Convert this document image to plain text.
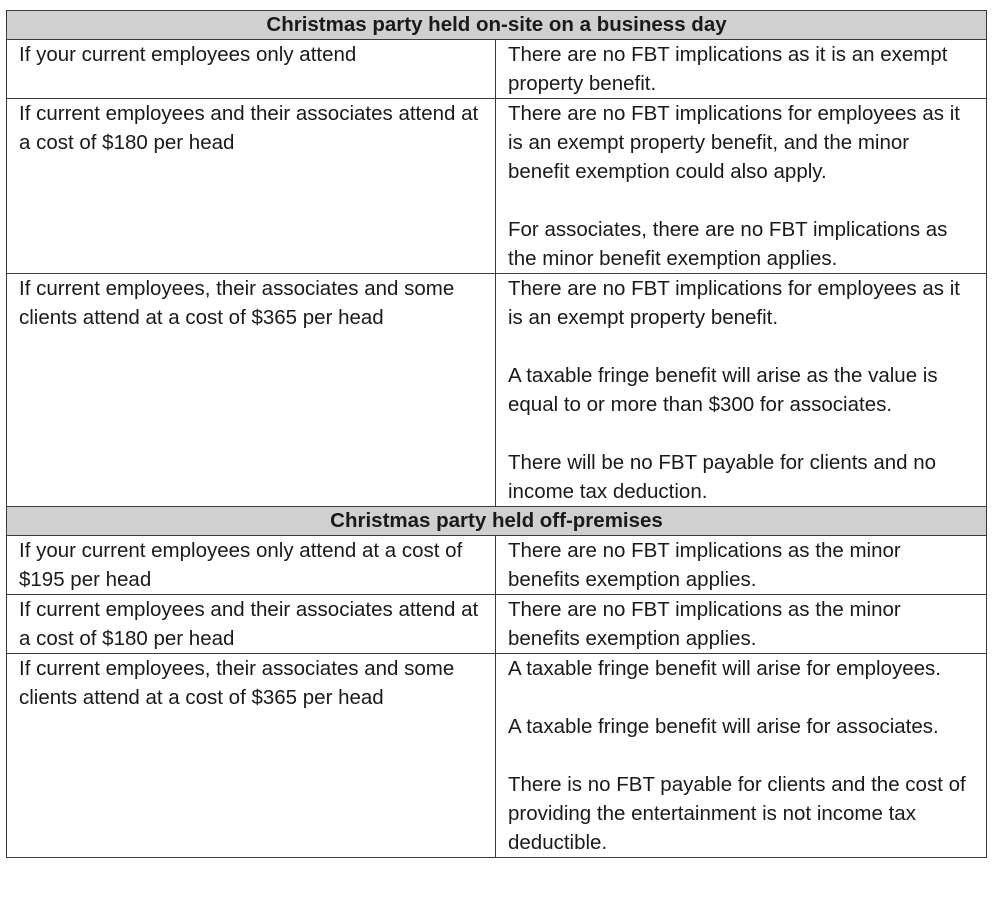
Christmas party held on-site on a business day	

If your current employees only attend	There are no FBT implications as it is an exempt property benefit.

If current employees and their associates attend at a cost of $180 per head	There are no FBT implications for employees as it is an exempt property benefit, and the minor benefit exemption could also apply.

For associates, there are no FBT implications as the minor benefit exemption applies.

If current employees, their associates and some clients attend at a cost of $365 per head	There are no FBT implications for employees as it is an exempt property benefit.

A taxable fringe benefit will arise as the value is equal to or more than $300 for associates.

There will be no FBT payable for clients and no income tax deduction.

Christmas party held off-premises	

If your current employees only attend at a cost of $195 per head	There are no FBT implications as the minor benefits exemption applies.

If current employees and their associates attend at a cost of $180 per head	There are no FBT implications as the minor benefits exemption applies.

If current employees, their associates and some clients attend at a cost of $365 per head	A taxable fringe benefit will arise for employees.

A taxable fringe benefit will arise for associates.

There is no FBT payable for clients and the cost of providing the entertainment is not income tax deductible.
